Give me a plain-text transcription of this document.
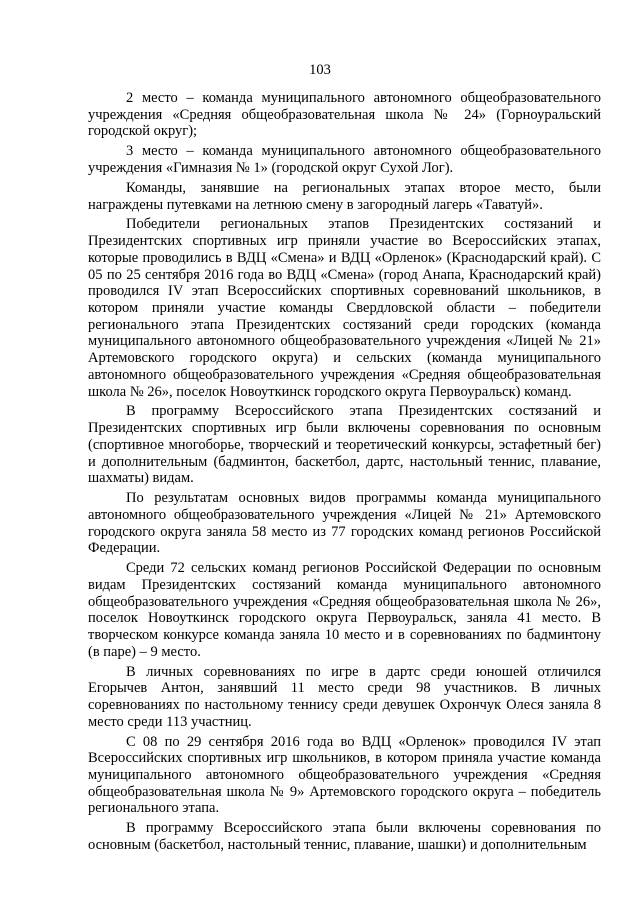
103

2 место – команда муниципального автономного общеобразовательного учреждения «Средняя общеобразовательная школа № 24» (Горноуральский городской округ);

3 место – команда муниципального автономного общеобразовательного учреждения «Гимназия № 1» (городской округ Сухой Лог).

Команды, занявшие на региональных этапах второе место, были награждены путевками на летнюю смену в загородный лагерь «Таватуй».

Победители региональных этапов Президентских состязаний и Президентских спортивных игр приняли участие во Всероссийских этапах, которые проводились в ВДЦ «Смена» и ВДЦ «Орленок» (Краснодарский край). С 05 по 25 сентября 2016 года во ВДЦ «Смена» (город Анапа, Краснодарский край) проводился IV этап Всероссийских спортивных соревнований школьников, в котором приняли участие команды Свердловской области – победители регионального этапа Президентских состязаний среди городских (команда муниципального автономного общеобразовательного учреждения «Лицей № 21» Артемовского городского округа) и сельских (команда муниципального автономного общеобразовательного учреждения «Средняя общеобразовательная школа № 26», поселок Новоуткинск городского округа Первоуральск) команд.

В программу Всероссийского этапа Президентских состязаний и Президентских спортивных игр были включены соревнования по основным (спортивное многоборье, творческий и теоретический конкурсы, эстафетный бег) и дополнительным (бадминтон, баскетбол, дартс, настольный теннис, плавание, шахматы) видам.

По результатам основных видов программы команда муниципального автономного общеобразовательного учреждения «Лицей № 21» Артемовского городского округа заняла 58 место из 77 городских команд регионов Российской Федерации.

Среди 72 сельских команд регионов Российской Федерации по основным видам Президентских состязаний команда муниципального автономного общеобразовательного учреждения «Средняя общеобразовательная школа № 26», поселок Новоуткинск городского округа Первоуральск, заняла 41 место. В творческом конкурсе команда заняла 10 место и в соревнованиях по бадминтону (в паре) – 9 место.

В личных соревнованиях по игре в дартс среди юношей отличился Егорычев Антон, занявший 11 место среди 98 участников. В личных соревнованиях по настольному теннису среди девушек Охрончук Олеся заняла 8 место среди 113 участниц.

С 08 по 29 сентября 2016 года во ВДЦ «Орленок» проводился IV этап Всероссийских спортивных игр школьников, в котором приняла участие команда муниципального автономного общеобразовательного учреждения «Средняя общеобразовательная школа № 9» Артемовского городского округа – победитель регионального этапа.

В программу Всероссийского этапа были включены соревнования по основным (баскетбол, настольный теннис, плавание, шашки) и дополнительным
